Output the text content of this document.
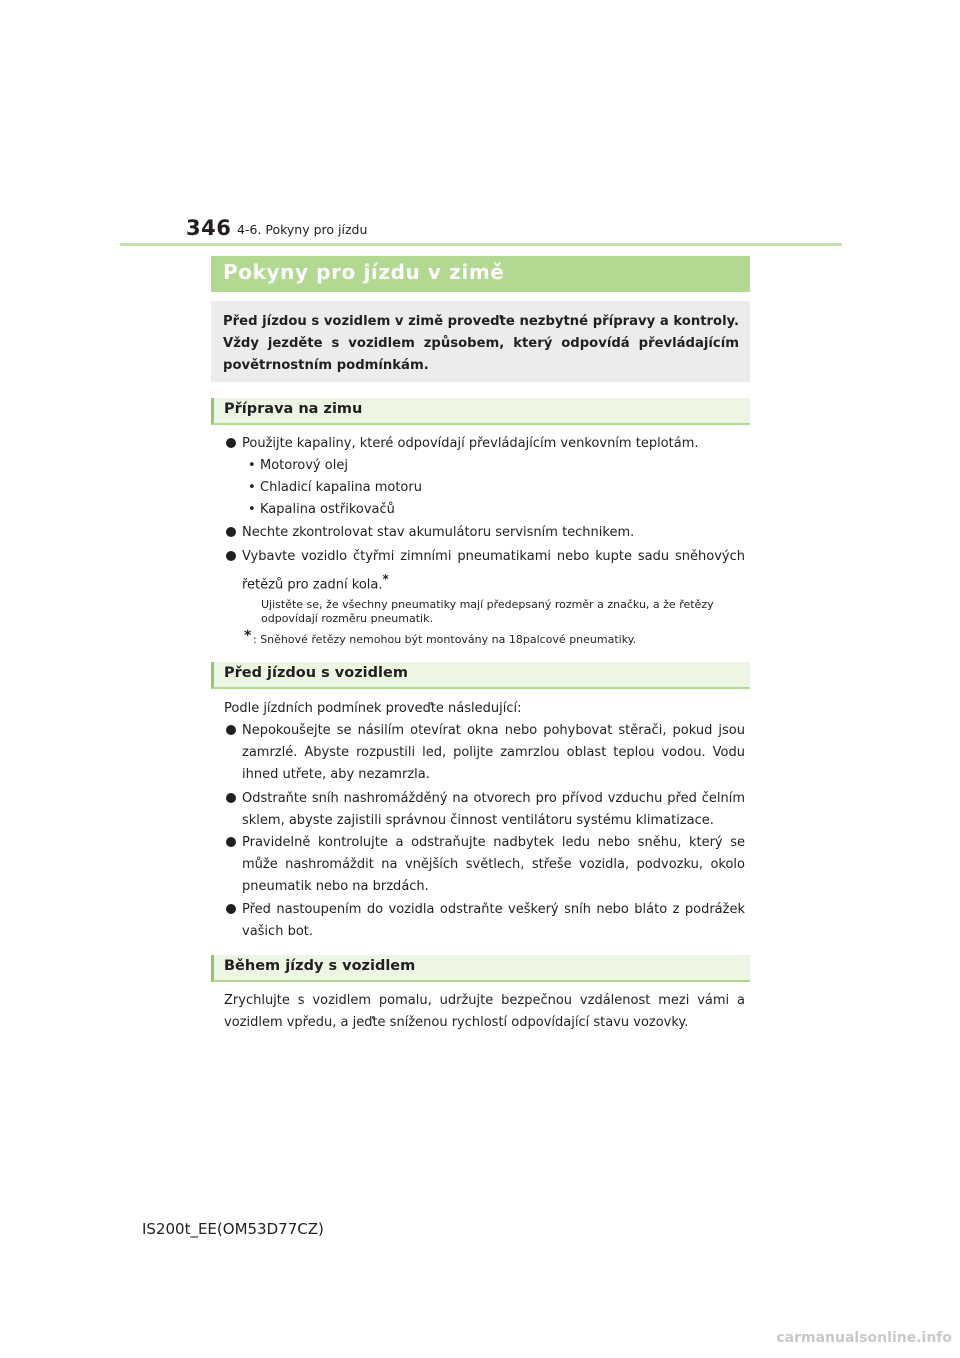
346 4-6. Pokyny pro jízdu
Pokyny pro jízdu v zimě
Před jízdou s vozidlem v zimě proveďte nezbytné přípravy a kontroly. Vždy jezděte s vozidlem způsobem, který odpovídá převládajícím povětrnostním podmínkám.
Příprava na zimu
Použijte kapaliny, které odpovídají převládajícím venkovním teplotám.
• Motorový olej
• Chladicí kapalina motoru
• Kapalina ostřikovačů
Nechte zkontrolovat stav akumulátoru servisním technikem.
Vybavte vozidlo čtyřmi zimními pneumatikami nebo kupte sadu sněhových řetězů pro zadní kola.*
Ujistěte se, že všechny pneumatiky mají předepsaný rozměr a značku, a že řetězy odpovídají rozměru pneumatik.
* : Sněhové řetězy nemohou být montovány na 18palcové pneumatiky.
Před jízdou s vozidlem
Podle jízdních podmínek proveďte následující:
Nepokoušejte se násilím otevírat okna nebo pohybovat stěrači, pokud jsou zamrzlé. Abyste rozpustili led, polijte zamrzlou oblast teplou vodou. Vodu ihned utřete, aby nezamrzla.
Odstraňte sníh nashromážděný na otvorech pro přívod vzduchu před čelním sklem, abyste zajistili správnou činnost ventilátoru systému klimatizace.
Pravidelně kontrolujte a odstraňujte nadbytek ledu nebo sněhu, který se může nashromáždit na vnějších světlech, střeše vozidla, podvozku, okolo pneumatik nebo na brzdách.
Před nastoupením do vozidla odstraňte veškerý sníh nebo bláto z podrážek vašich bot.
Během jízdy s vozidlem
Zrychlujte s vozidlem pomalu, udržujte bezpečnou vzdálenost mezi vámi a vozidlem vpředu, a jeďte sníženou rychlostí odpovídající stavu vozovky.
IS200t_EE(OM53D77CZ)
carmanualsonline.info
